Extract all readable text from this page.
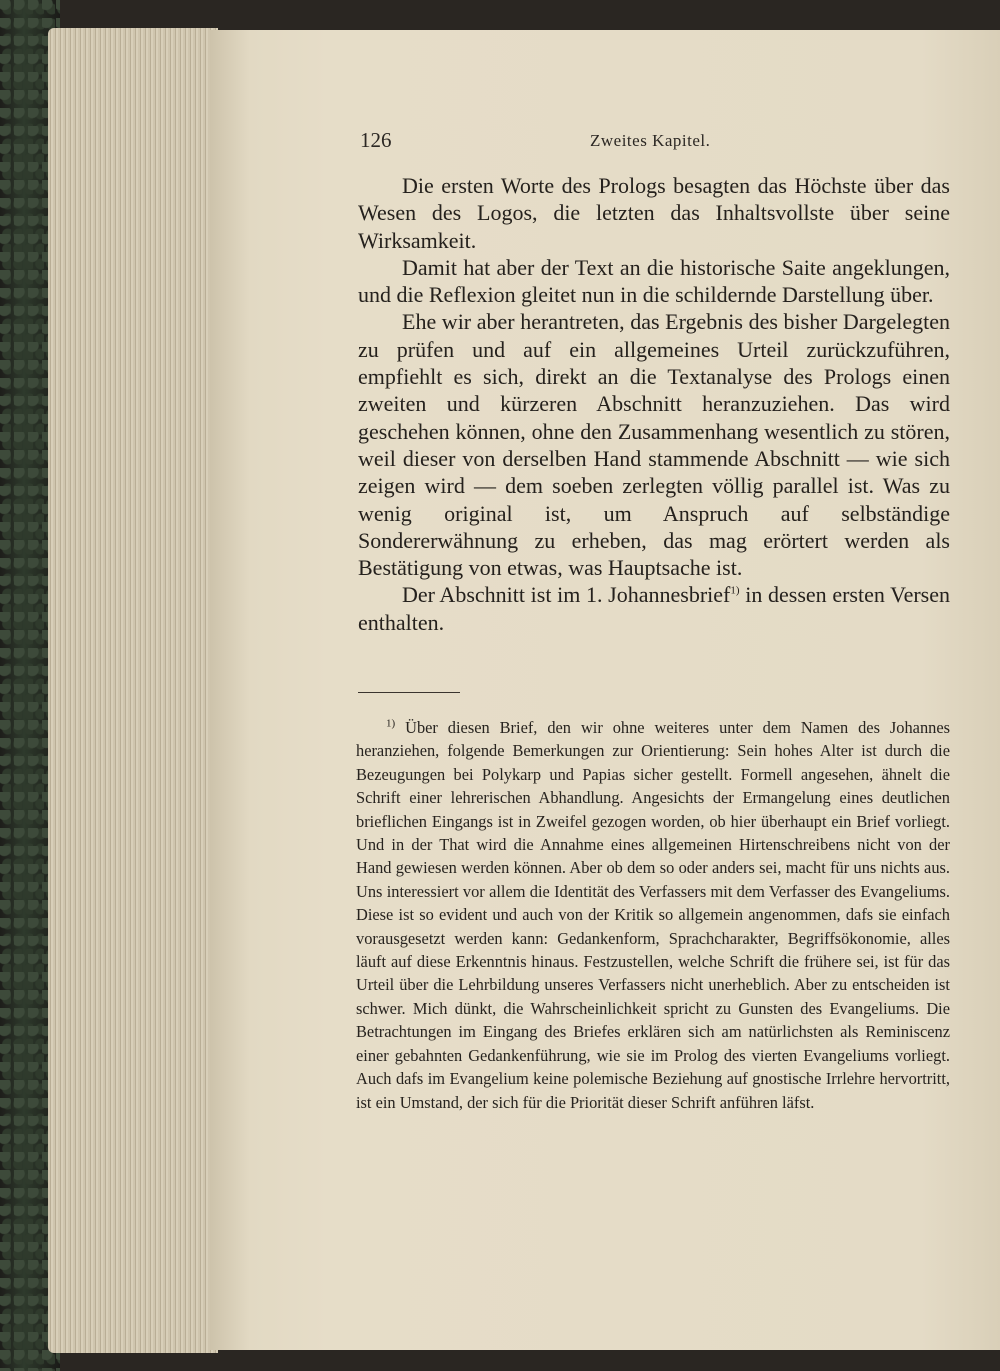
126	Zweites Kapitel.

Die ersten Worte des Prologs besagten das Höchste über das Wesen des Logos, die letzten das Inhaltsvollste über seine Wirksamkeit.

Damit hat aber der Text an die historische Saite angeklungen, und die Reflexion gleitet nun in die schildernde Darstellung über.

Ehe wir aber herantreten, das Ergebnis des bisher Dargelegten zu prüfen und auf ein allgemeines Urteil zurückzuführen, empfiehlt es sich, direkt an die Textanalyse des Prologs einen zweiten und kürzeren Abschnitt heranzuziehen. Das wird geschehen können, ohne den Zusammenhang wesentlich zu stören, weil dieser von derselben Hand stammende Abschnitt — wie sich zeigen wird — dem soeben zerlegten völlig parallel ist. Was zu wenig original ist, um Anspruch auf selbständige Sondererwähnung zu erheben, das mag erörtert werden als Bestätigung von etwas, was Hauptsache ist.

Der Abschnitt ist im 1. Johannesbrief$^{1)}$ in dessen ersten Versen enthalten.

$^{1)}$ Über diesen Brief, den wir ohne weiteres unter dem Namen des Johannes heranziehen, folgende Bemerkungen zur Orientierung: Sein hohes Alter ist durch die Bezeugungen bei Polykarp und Papias sicher gestellt. Formell angesehen, ähnelt die Schrift einer lehrerischen Abhandlung. Angesichts der Ermangelung eines deutlichen brieflichen Eingangs ist in Zweifel gezogen worden, ob hier überhaupt ein Brief vorliegt. Und in der That wird die Annahme eines allgemeinen Hirtenschreibens nicht von der Hand gewiesen werden können. Aber ob dem so oder anders sei, macht für uns nichts aus. Uns interessiert vor allem die Identität des Verfassers mit dem Verfasser des Evangeliums. Diese ist so evident und auch von der Kritik so allgemein angenommen, dafs sie einfach vorausgesetzt werden kann: Gedankenform, Sprachcharakter, Begriffsökonomie, alles läuft auf diese Erkenntnis hinaus. Festzustellen, welche Schrift die frühere sei, ist für das Urteil über die Lehrbildung unseres Verfassers nicht unerheblich. Aber zu entscheiden ist schwer. Mich dünkt, die Wahrscheinlichkeit spricht zu Gunsten des Evangeliums. Die Betrachtungen im Eingang des Briefes erklären sich am natürlichsten als Reminiscenz einer gebahnten Gedankenführung, wie sie im Prolog des vierten Evangeliums vorliegt. Auch dafs im Evangelium keine polemische Beziehung auf gnostische Irrlehre hervortritt, ist ein Umstand, der sich für die Priorität dieser Schrift anführen läfst.
